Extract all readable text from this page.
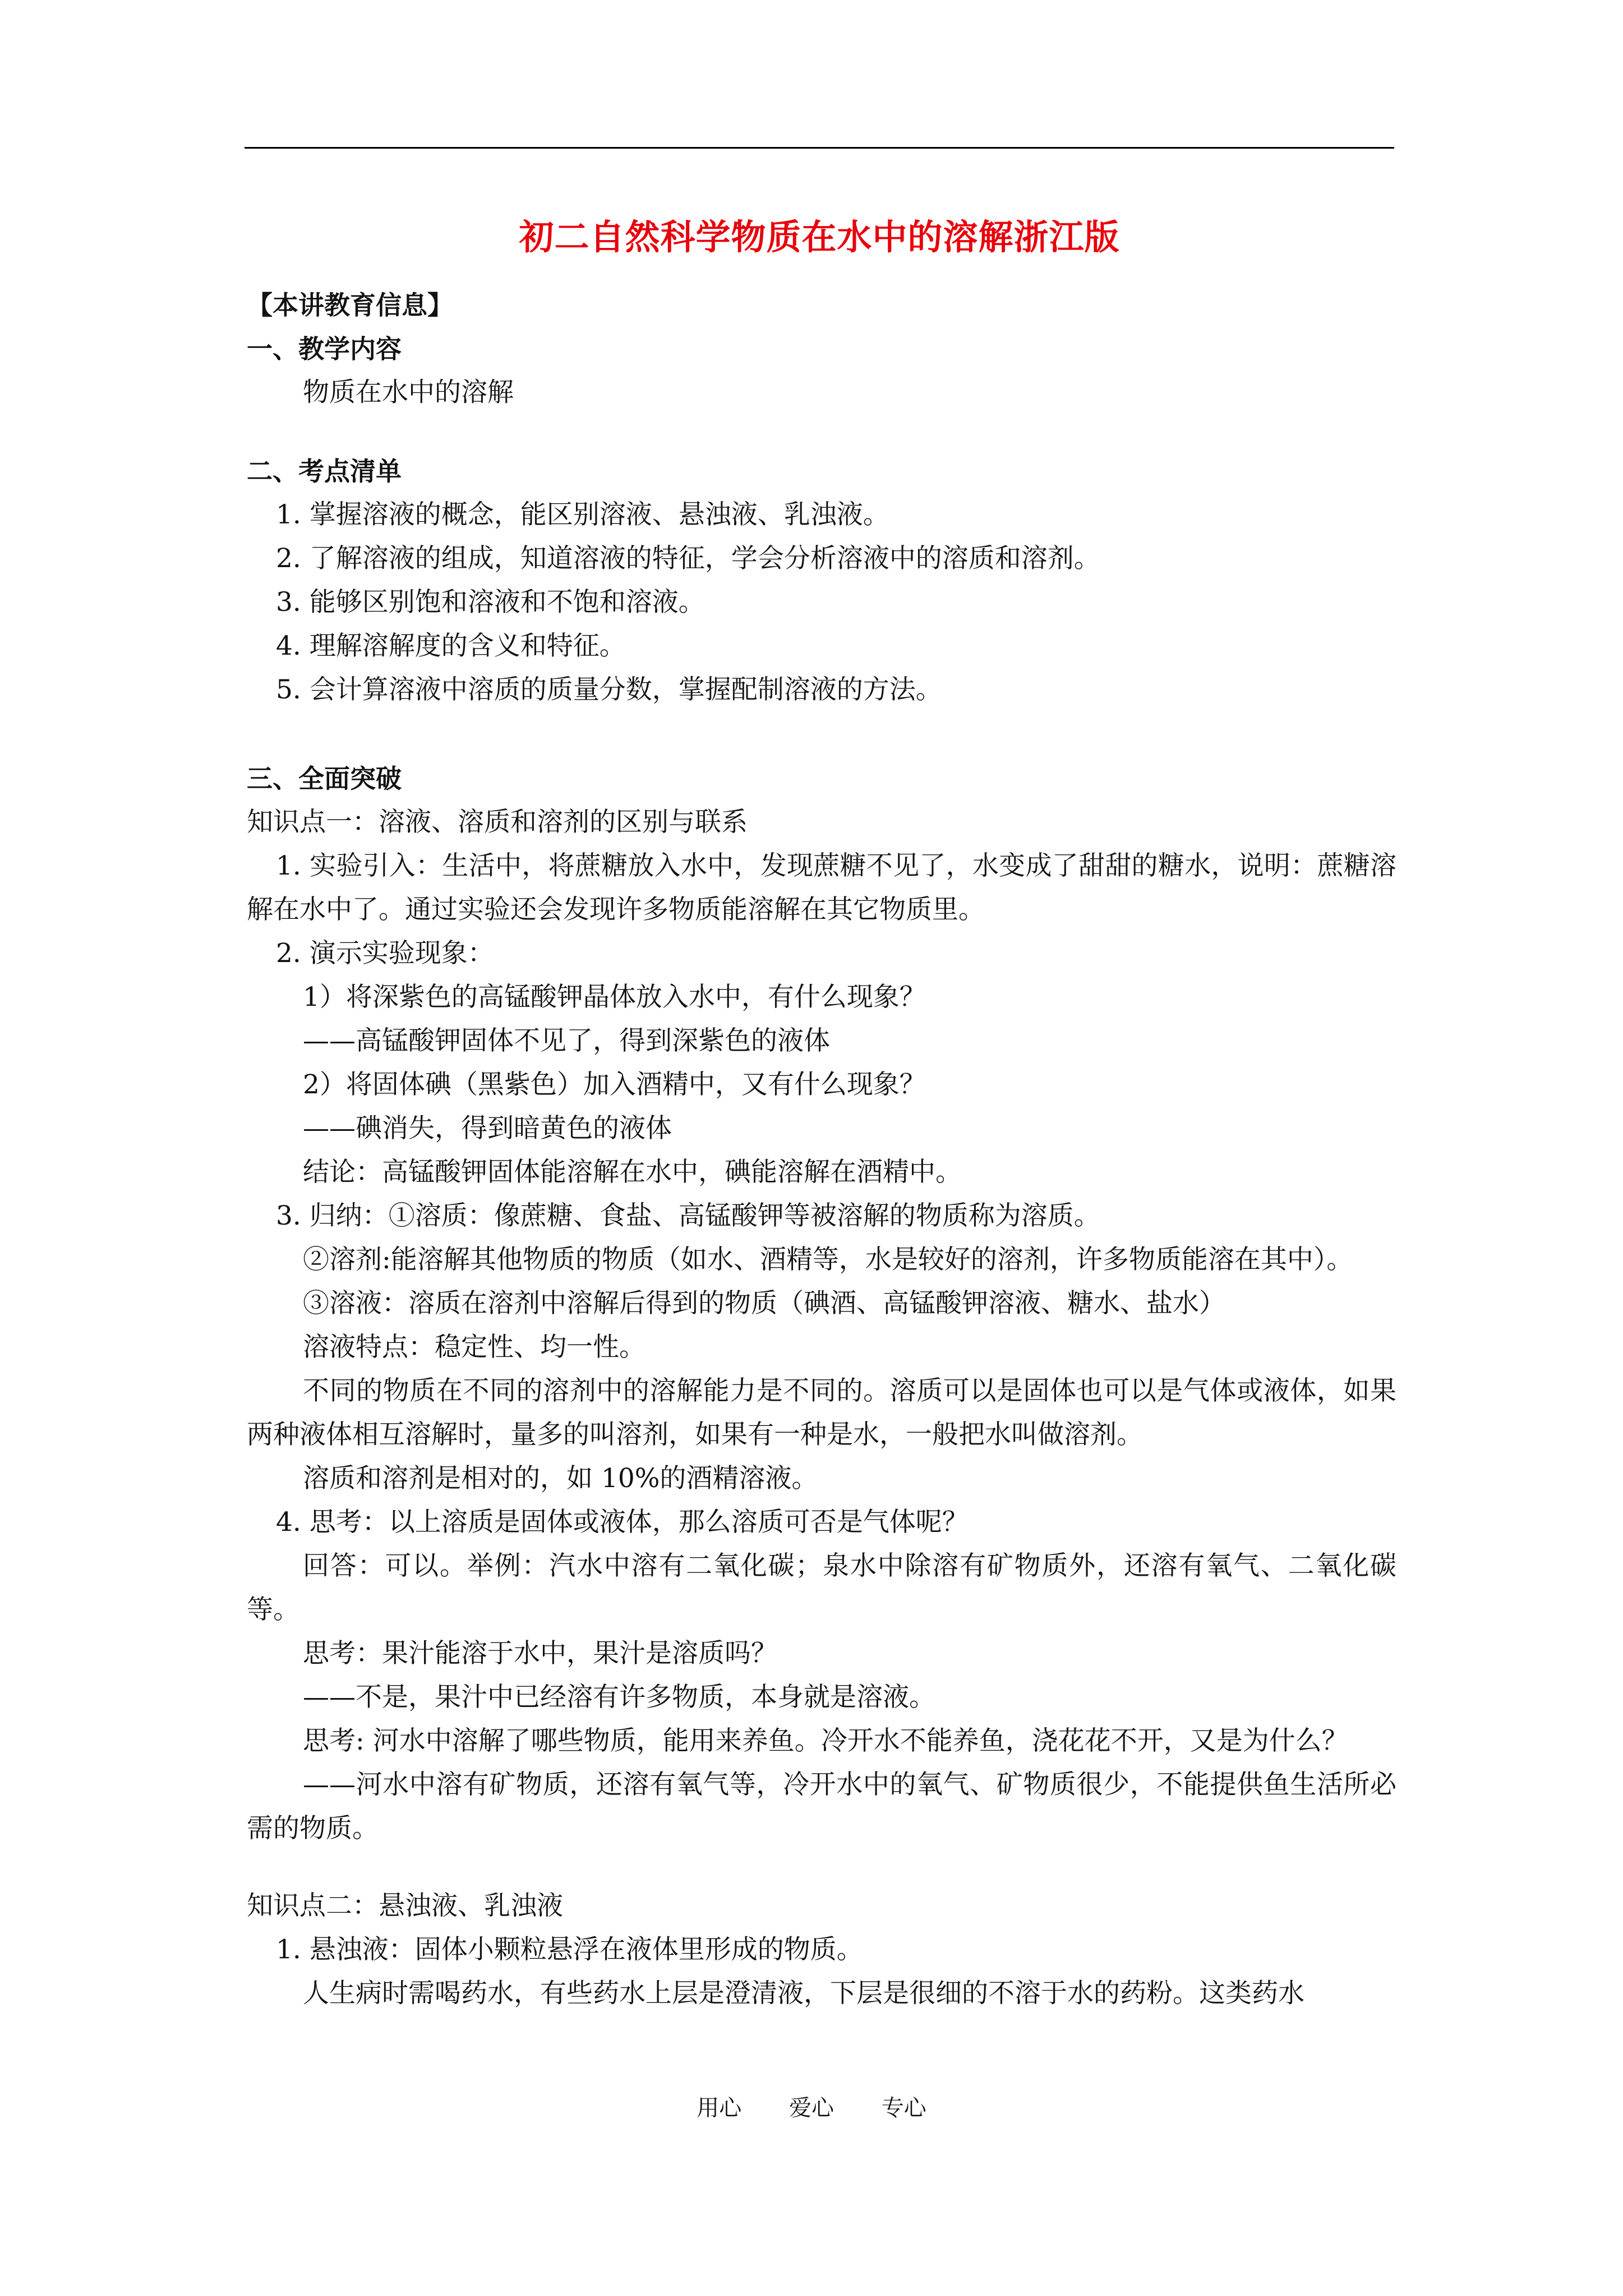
初二自然科学物质在水中的溶解浙江版

【本讲教育信息】

一、教学内容

物质在水中的溶解

二、考点清单

1. 掌握溶液的概念，能区别溶液、悬浊液、乳浊液。

2. 了解溶液的组成，知道溶液的特征，学会分析溶液中的溶质和溶剂。

3. 能够区别饱和溶液和不饱和溶液。

4. 理解溶解度的含义和特征。

5. 会计算溶液中溶质的质量分数，掌握配制溶液的方法。

三、全面突破

知识点一：溶液、溶质和溶剂的区别与联系

1. 实验引入：生活中，将蔗糖放入水中，发现蔗糖不见了，水变成了甜甜的糖水，说明：蔗糖溶解在水中了。通过实验还会发现许多物质能溶解在其它物质里。

2. 演示实验现象：

1）将深紫色的高锰酸钾晶体放入水中，有什么现象？

——高锰酸钾固体不见了，得到深紫色的液体

2）将固体碘（黑紫色）加入酒精中，又有什么现象？

——碘消失，得到暗黄色的液体

结论：高锰酸钾固体能溶解在水中，碘能溶解在酒精中。

3. 归纳：①溶质：像蔗糖、食盐、高锰酸钾等被溶解的物质称为溶质。

②溶剂:能溶解其他物质的物质（如水、酒精等，水是较好的溶剂，许多物质能溶在其中）。

③溶液：溶质在溶剂中溶解后得到的物质（碘酒、高锰酸钾溶液、糖水、盐水）

溶液特点：稳定性、均一性。

不同的物质在不同的溶剂中的溶解能力是不同的。溶质可以是固体也可以是气体或液体，如果两种液体相互溶解时，量多的叫溶剂，如果有一种是水，一般把水叫做溶剂。

溶质和溶剂是相对的，如 10%的酒精溶液。

4. 思考：以上溶质是固体或液体，那么溶质可否是气体呢？

回答：可以。举例：汽水中溶有二氧化碳；泉水中除溶有矿物质外，还溶有氧气、二氧化碳等。

思考：果汁能溶于水中，果汁是溶质吗？

——不是，果汁中已经溶有许多物质，本身就是溶液。

思考: 河水中溶解了哪些物质，能用来养鱼。冷开水不能养鱼，浇花花不开，又是为什么？

——河水中溶有矿物质，还溶有氧气等，冷开水中的氧气、矿物质很少，不能提供鱼生活所必需的物质。

知识点二：悬浊液、乳浊液

1. 悬浊液：固体小颗粒悬浮在液体里形成的物质。

人生病时需喝药水，有些药水上层是澄清液，下层是很细的不溶于水的药粉。这类药水

用心 爱心 专心
